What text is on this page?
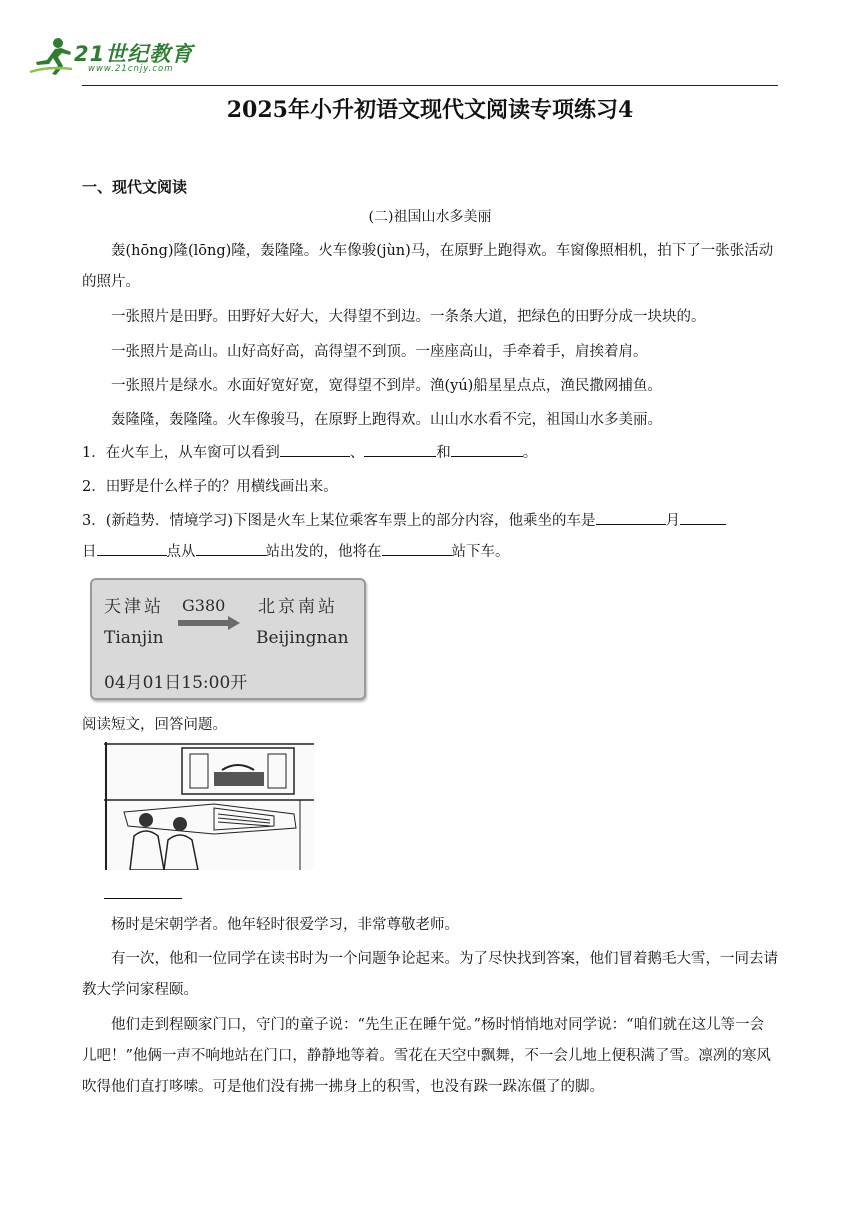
21世纪教育
www.21cnjy.com
2025年小升初语文现代文阅读专项练习4
一、现代文阅读
(二)祖国山水多美丽
轰(hōng)隆(lōng)隆，轰隆隆。火车像骏(jùn)马，在原野上跑得欢。车窗像照相机，拍下了一张张活动的照片。
一张照片是田野。田野好大好大，大得望不到边。一条条大道，把绿色的田野分成一块块的。
一张照片是高山。山好高好高，高得望不到顶。一座座高山，手牵着手，肩挨着肩。
一张照片是绿水。水面好宽好宽，宽得望不到岸。渔(yú)船星星点点，渔民撒网捕鱼。
轰隆隆，轰隆隆。火车像骏马，在原野上跑得欢。山山水水看不完，祖国山水多美丽。
1．在火车上，从车窗可以看到	、	和	。
2．田野是什么样子的？用横线画出来。
3．(新趋势．情境学习)下图是火车上某位乘客车票上的部分内容，他乘坐的车是	月
日	点从	站出发的，他将在	站下车。
天津站 G380 北京南站
Tianjin	Beijingnan
04月01日15:00开
阅读短文，回答问题。
杨时是宋朝学者。他年轻时很爱学习，非常尊敬老师。
有一次，他和一位同学在读书时为一个问题争论起来。为了尽快找到答案，他们冒着鹅毛大雪，一同去请教大学问家程颐。
他们走到程颐家门口，守门的童子说：“先生正在睡午觉。”杨时悄悄地对同学说：“咱们就在这儿等一会儿吧！”他俩一声不响地站在门口，静静地等着。雪花在天空中飘舞，不一会儿地上便积满了雪。凛冽的寒风吹得他们直打哆嗦。可是他们没有拂一拂身上的积雪，也没有跺一跺冻僵了的脚。
